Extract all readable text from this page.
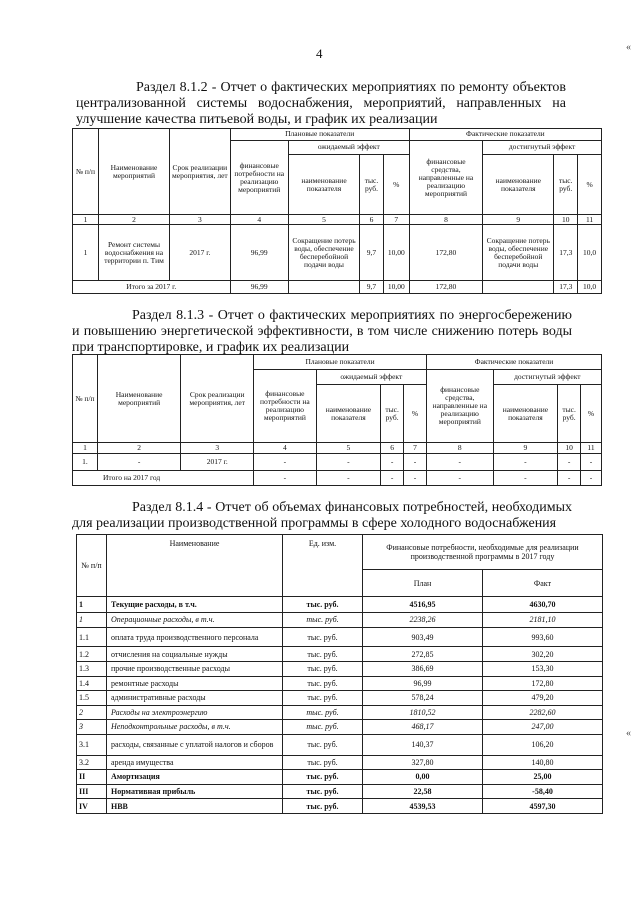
4
Раздел 8.1.2 - Отчет о фактических мероприятиях по ремонту объектов централизованной системы водоснабжения, мероприятий, направленных на улучшение качества питьевой воды, и график их реализации
№ п/п	Наименование мероприятий	Срок реализации мероприятия, лет	Плановые показатели				Фактические показатели			
			финансовые потребности на реализацию мероприятий	ожидаемый эффект			финансовые средства, направленные на реализацию мероприятий	достигнутый эффект		
				наименование показателя	тыс. руб.	%		наименование показателя	тыс. руб.	%
1	2	3	4	5	6	7	8	9	10	11
1	Ремонт системы водоснабжения на территории п. Тим	2017 г.	96,99	Сокращение потерь воды, обеспечение бесперебойной подачи воды	9,7	10,00	172,80	Сокращение потерь воды, обеспечение бесперебойной подачи воды	17,3	10,0
Итого за 2017 г.			96,99		9,7	10,00	172,80		17,3	10,0
Раздел 8.1.3 - Отчет о фактических мероприятиях по энергосбережению и повышению энергетической эффективности, в том числе снижению потерь воды при транспортировке, и график их реализации
№ п/п	Наименование мероприятий	Срок реализации мероприятия, лет	Плановые показатели				Фактические показатели			
			финансовые потребности на реализацию мероприятий	ожидаемый эффект			финансовые средства, направленные на реализацию мероприятий	достигнутый эффект		
				наименование показателя	тыс. руб.	%		наименование показателя	тыс. руб.	%
1	2	3	4	5	6	7	8	9	10	11
1.	-	2017 г.	-	-	-	-	-	-	-	-
Итого на 2017 год			-	-	-	-	-	-	-	-
Раздел 8.1.4 - Отчет об объемах финансовых потребностей, необходимых для реализации производственной программы в сфере холодного водоснабжения
№ п/п	Наименование	Ед. изм.	Финансовые потребности, необходимые для реализации производственной программы в 2017 году	
			План	Факт
1	Текущие расходы, в т.ч.	тыс. руб.	4516,95	4630,70
1	Операционные расходы, в т.ч.	тыс. руб.	2238,26	2181,10
1.1	оплата труда производственного персонала	тыс. руб.	903,49	993,60
1.2	отчисления на социальные нужды	тыс. руб.	272,85	302,20
1.3	прочие производственные расходы	тыс. руб.	386,69	153,30
1.4	ремонтные расходы	тыс. руб.	96,99	172,80
1.5	административные расходы	тыс. руб.	578,24	479,20
2	Расходы на электроэнергию	тыс. руб.	1810,52	2282,60
3	Неподконтрольные расходы, в т.ч.	тыс. руб.	468,17	247,00
3.1	расходы, связанные с уплатой налогов и сборов	тыс. руб.	140,37	106,20
3.2	аренда имущества	тыс. руб.	327,80	140,80
II	Амортизация	тыс. руб.	0,00	25,00
III	Нормативная прибыль	тыс. руб.	22,58	-58,40
IV	НВВ	тыс. руб.	4539,53	4597,30
«
«
